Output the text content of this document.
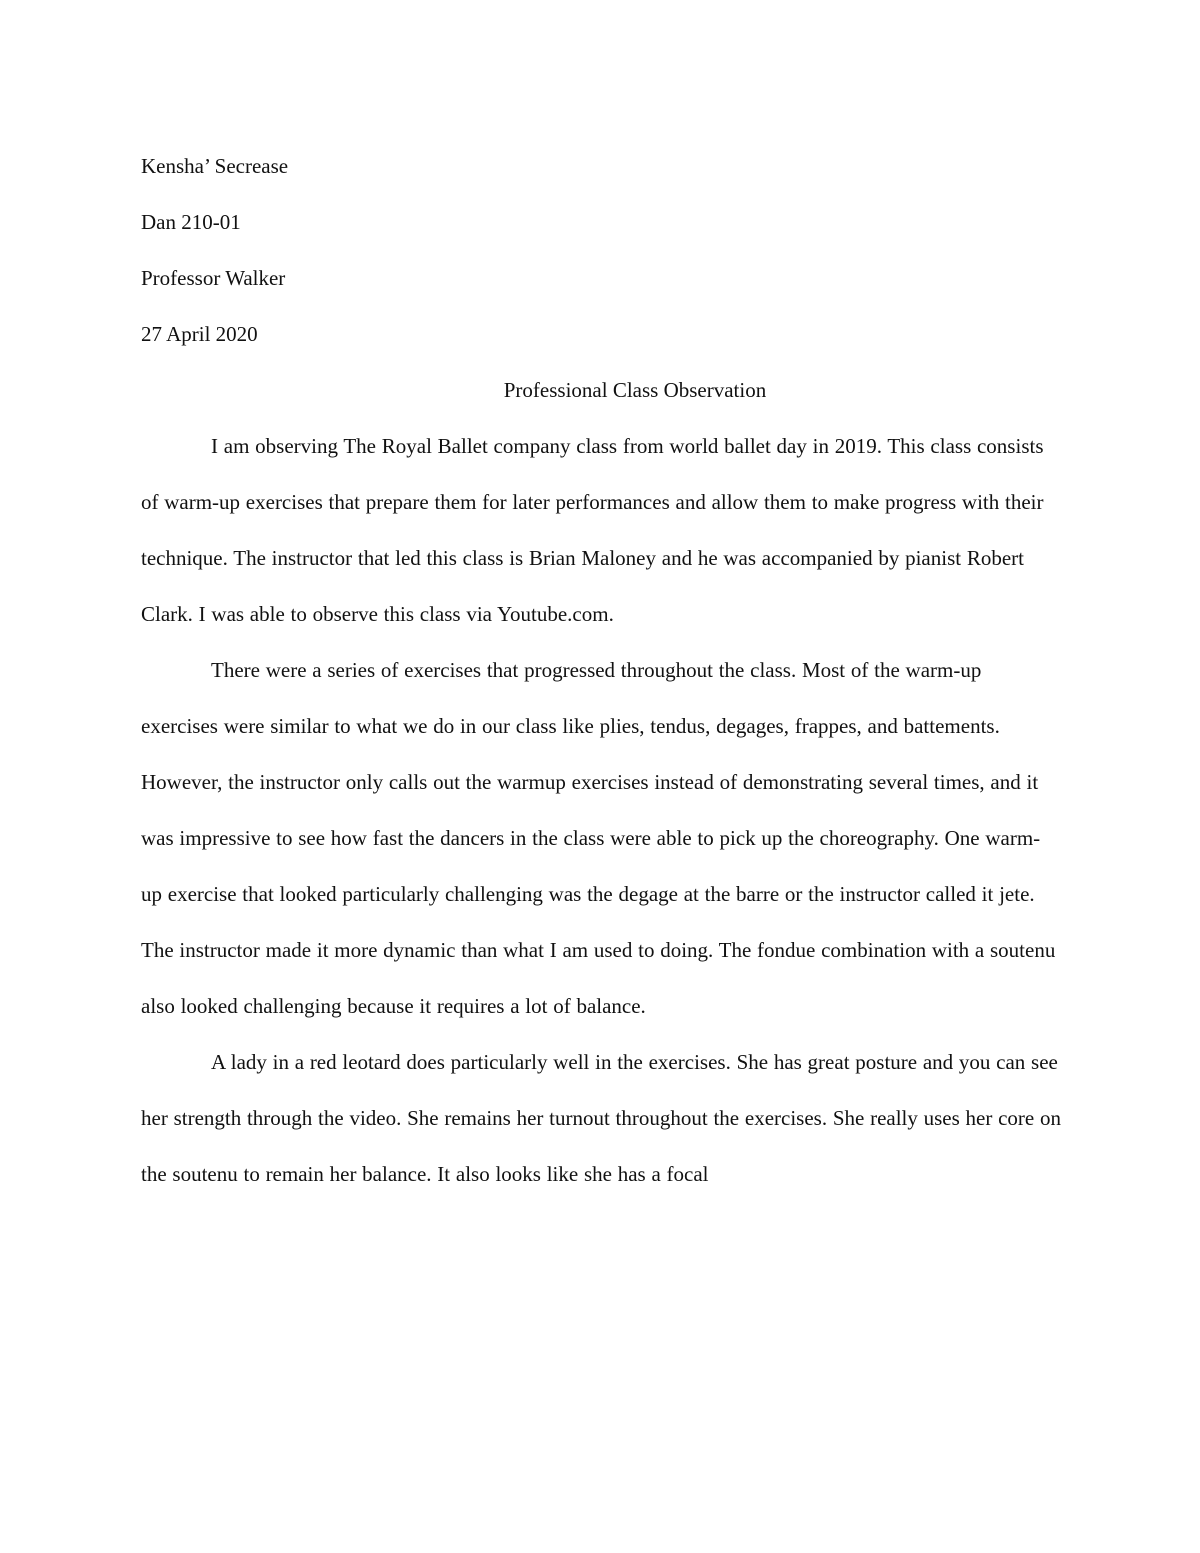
Kensha’ Secrease

Dan 210-01

Professor Walker

27 April 2020

Professional Class Observation

I am observing The Royal Ballet company class from world ballet day in 2019. This class consists of warm-up exercises that prepare them for later performances and allow them to make progress with their technique. The instructor that led this class is Brian Maloney and he was accompanied by pianist Robert Clark. I was able to observe this class via Youtube.com.

There were a series of exercises that progressed throughout the class. Most of the warm-up exercises were similar to what we do in our class like plies, tendus, degages, frappes, and battements. However, the instructor only calls out the warmup exercises instead of demonstrating several times, and it was impressive to see how fast the dancers in the class were able to pick up the choreography. One warm-up exercise that looked particularly challenging was the degage at the barre or the instructor called it jete. The instructor made it more dynamic than what I am used to doing. The fondue combination with a soutenu also looked challenging because it requires a lot of balance.

A lady in a red leotard does particularly well in the exercises. She has great posture and you can see her strength through the video. She remains her turnout throughout the exercises. She really uses her core on the soutenu to remain her balance. It also looks like she has a focal
